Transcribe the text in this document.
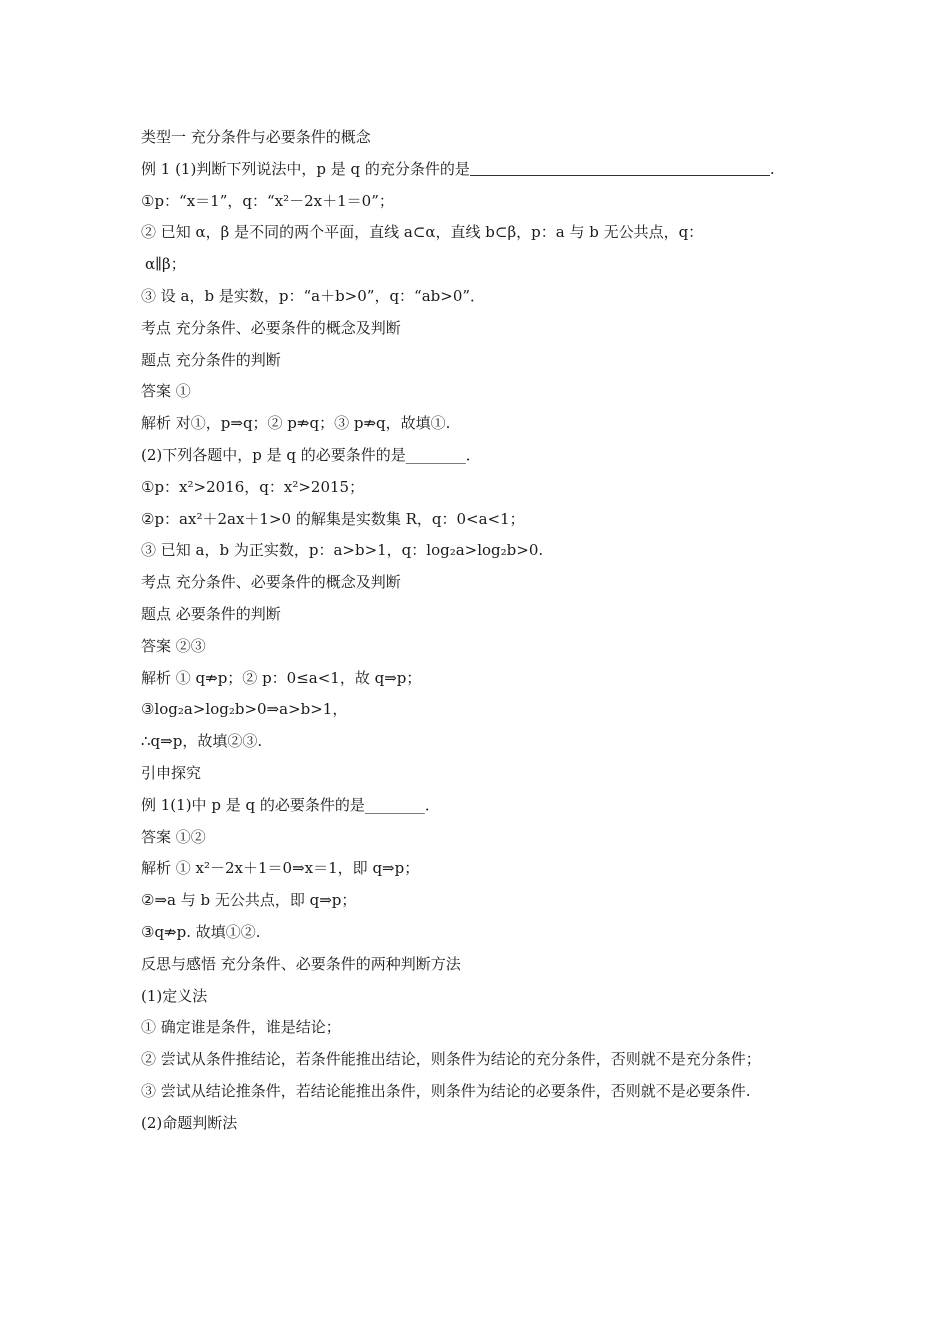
类型一 充分条件与必要条件的概念
例 1 (1)判断下列说法中，p 是 q 的充分条件的是	.
①p：“x＝1”，q：“x²－2x＋1＝0”；
② 已知 α，β 是不同的两个平面，直线 a⊂α，直线 b⊂β，p：a 与 b 无公共点，q：
α∥β；
③ 设 a，b 是实数，p：“a＋b>0”，q：“ab>0”．
考点 充分条件、必要条件的概念及判断
题点 充分条件的判断
答案 ①
解析 对①，p⇒q；② p⇏q；③ p⇏q，故填①.
(2)下列各题中，p 是 q 的必要条件的是________．
①p：x²>2016，q：x²>2015；
②p：ax²＋2ax＋1>0 的解集是实数集 R，q：0<a<1；
③ 已知 a，b 为正实数，p：a>b>1，q：log₂a>log₂b>0.
考点 充分条件、必要条件的概念及判断
题点 必要条件的判断
答案 ②③
解析 ① q⇏p；② p：0≤a<1，故 q⇒p；
③log₂a>log₂b>0⇒a>b>1，
∴q⇒p，故填②③.
引申探究
例 1(1)中 p 是 q 的必要条件的是________．
答案 ①②
解析 ① x²－2x＋1＝0⇒x＝1，即 q⇒p；
②⇒a 与 b 无公共点，即 q⇒p；
③q⇏p. 故填①②.
反思与感悟 充分条件、必要条件的两种判断方法
(1)定义法
① 确定谁是条件，谁是结论；
② 尝试从条件推结论，若条件能推出结论，则条件为结论的充分条件，否则就不是充分条件；
③ 尝试从结论推条件，若结论能推出条件，则条件为结论的必要条件，否则就不是必要条件.
(2)命题判断法
